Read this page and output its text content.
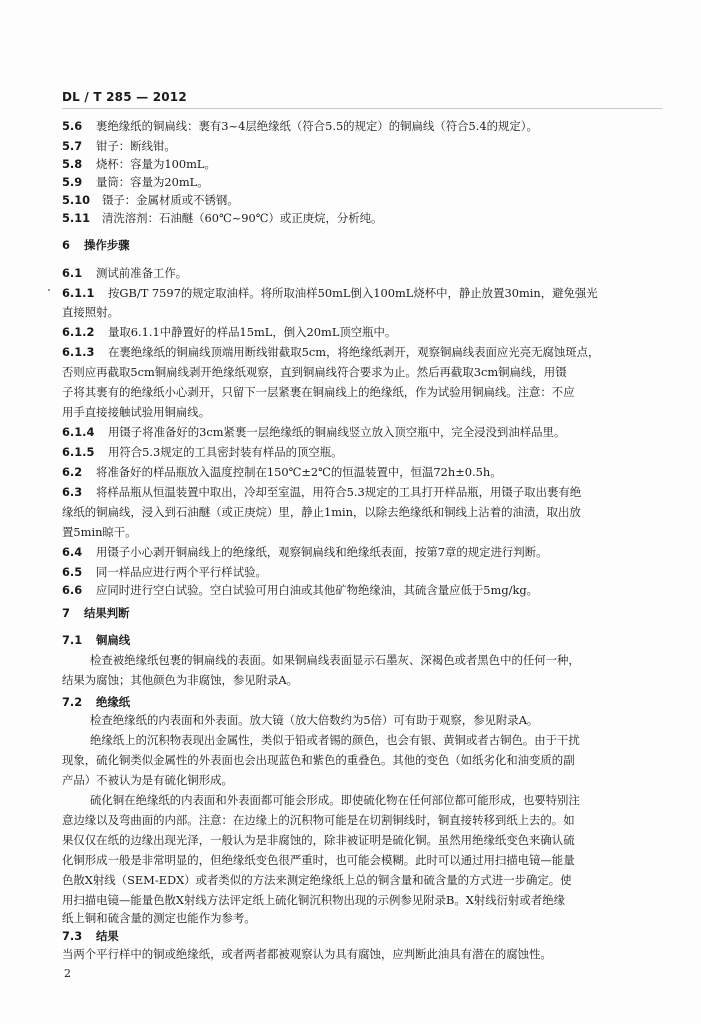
DL / T 285 — 2012
5.6 裹绝缘纸的铜扁线：裹有3~4层绝缘纸（符合5.5的规定）的铜扁线（符合5.4的规定）。
5.7 钳子：断线钳。
5.8 烧杯：容量为100mL。
5.9 量筒：容量为20mL。
5.10 镊子：金属材质或不锈钢。
5.11 清洗溶剂：石油醚（60℃~90℃）或正庚烷，分析纯。
6 操作步骤
6.1 测试前准备工作。
6.1.1 按GB/T 7597的规定取油样。将所取油样50mL倒入100mL烧杯中，静止放置30min，避免强光
直接照射。
6.1.2 量取6.1.1中静置好的样品15mL，倒入20mL顶空瓶中。
6.1.3 在裹绝缘纸的铜扁线顶端用断线钳截取5cm，将绝缘纸剥开，观察铜扁线表面应光亮无腐蚀斑点，
否则应再截取5cm铜扁线剥开绝缘纸观察，直到铜扁线符合要求为止。然后再截取3cm铜扁线，用镊
子将其裹有的绝缘纸小心剥开，只留下一层紧裹在铜扁线上的绝缘纸，作为试验用铜扁线。注意：不应
用手直接接触试验用铜扁线。
6.1.4 用镊子将准备好的3cm紧裹一层绝缘纸的铜扁线竖立放入顶空瓶中，完全浸没到油样品里。
6.1.5 用符合5.3规定的工具密封装有样品的顶空瓶。
6.2 将准备好的样品瓶放入温度控制在150℃±2℃的恒温装置中，恒温72h±0.5h。
6.3 将样品瓶从恒温装置中取出，冷却至室温，用符合5.3规定的工具打开样品瓶，用镊子取出裹有绝
缘纸的铜扁线，浸入到石油醚（或正庚烷）里，静止1min，以除去绝缘纸和铜线上沾着的油渍，取出放
置5min晾干。
6.4 用镊子小心剥开铜扁线上的绝缘纸，观察铜扁线和绝缘纸表面，按第7章的规定进行判断。
6.5 同一样品应进行两个平行样试验。
6.6 应同时进行空白试验。空白试验可用白油或其他矿物绝缘油，其硫含量应低于5mg/kg。
7 结果判断
7.1 铜扁线
检查被绝缘纸包裹的铜扁线的表面。如果铜扁线表面显示石墨灰、深褐色或者黑色中的任何一种，
结果为腐蚀；其他颜色为非腐蚀，参见附录A。
7.2 绝缘纸
检查绝缘纸的内表面和外表面。放大镜（放大倍数约为5倍）可有助于观察，参见附录A。
绝缘纸上的沉积物表现出金属性，类似于铅或者锡的颜色，也会有银、黄铜或者古铜色。由于干扰
现象，硫化铜类似金属性的外表面也会出现蓝色和紫色的重叠色。其他的变色（如纸劣化和油变质的副
产品）不被认为是有硫化铜形成。
硫化铜在绝缘纸的内表面和外表面都可能会形成。即使硫化物在任何部位都可能形成，也要特别注
意边缘以及弯曲面的内部。注意：在边缘上的沉积物可能是在切割铜线时，铜直接转移到纸上去的。如
果仅仅在纸的边缘出现光泽，一般认为是非腐蚀的，除非被证明是硫化铜。虽然用绝缘纸变色来确认硫
化铜形成一般是非常明显的，但绝缘纸变色很严重时，也可能会模糊。此时可以通过用扫描电镜—能量
色散X射线（SEM-EDX）或者类似的方法来测定绝缘纸上总的铜含量和硫含量的方式进一步确定。使
用扫描电镜—能量色散X射线方法评定纸上硫化铜沉积物出现的示例参见附录B。X射线衍射或者绝缘
纸上铜和硫含量的测定也能作为参考。
7.3 结果
当两个平行样中的铜或绝缘纸，或者两者都被观察认为具有腐蚀，应判断此油具有潜在的腐蚀性。
2
